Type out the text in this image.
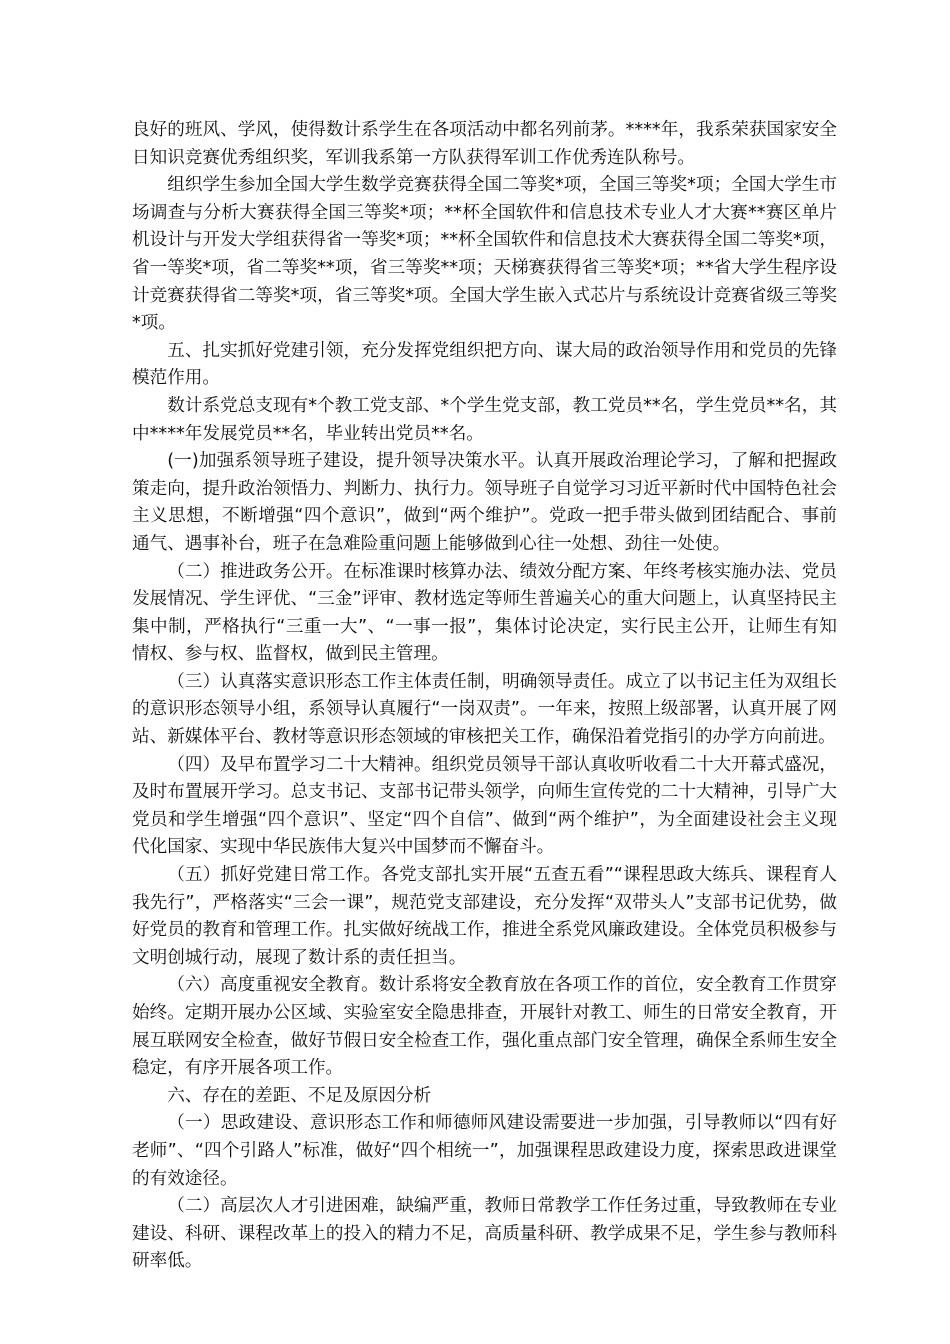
良好的班风、学风，使得数计系学生在各项活动中都名列前茅。****年，我系荣获国家安全日知识竞赛优秀组织奖，军训我系第一方队获得军训工作优秀连队称号。

组织学生参加全国大学生数学竞赛获得全国二等奖*项，全国三等奖*项；全国大学生市场调查与分析大赛获得全国三等奖*项；**杯全国软件和信息技术专业人才大赛**赛区单片机设计与开发大学组获得省一等奖*项；**杯全国软件和信息技术大赛获得全国二等奖*项，省一等奖*项，省二等奖**项，省三等奖**项；天梯赛获得省三等奖*项；**省大学生程序设计竞赛获得省二等奖*项，省三等奖*项。全国大学生嵌入式芯片与系统设计竞赛省级三等奖*项。

五、扎实抓好党建引领，充分发挥党组织把方向、谋大局的政治领导作用和党员的先锋模范作用。

数计系党总支现有*个教工党支部、*个学生党支部，教工党员**名，学生党员**名，其中****年发展党员**名，毕业转出党员**名。

(一)加强系领导班子建设，提升领导决策水平。认真开展政治理论学习，了解和把握政策走向，提升政治领悟力、判断力、执行力。领导班子自觉学习习近平新时代中国特色社会主义思想，不断增强“四个意识”，做到“两个维护”。党政一把手带头做到团结配合、事前通气、遇事补台，班子在急难险重问题上能够做到心往一处想、劲往一处使。

（二）推进政务公开。在标准课时核算办法、绩效分配方案、年终考核实施办法、党员发展情况、学生评优、“三金”评审、教材选定等师生普遍关心的重大问题上，认真坚持民主集中制，严格执行“三重一大”、“一事一报”，集体讨论决定，实行民主公开，让师生有知情权、参与权、监督权，做到民主管理。

（三）认真落实意识形态工作主体责任制，明确领导责任。成立了以书记主任为双组长的意识形态领导小组，系领导认真履行“一岗双责”。一年来，按照上级部署，认真开展了网站、新媒体平台、教材等意识形态领域的审核把关工作，确保沿着党指引的办学方向前进。

（四）及早布置学习二十大精神。组织党员领导干部认真收听收看二十大开幕式盛况，及时布置展开学习。总支书记、支部书记带头领学，向师生宣传党的二十大精神，引导广大党员和学生增强“四个意识”、坚定“四个自信”、做到“两个维护”，为全面建设社会主义现代化国家、实现中华民族伟大复兴中国梦而不懈奋斗。

（五）抓好党建日常工作。各党支部扎实开展“五查五看”“课程思政大练兵、课程育人我先行”，严格落实“三会一课”，规范党支部建设，充分发挥“双带头人”支部书记优势，做好党员的教育和管理工作。扎实做好统战工作，推进全系党风廉政建设。全体党员积极参与文明创城行动，展现了数计系的责任担当。

（六）高度重视安全教育。数计系将安全教育放在各项工作的首位，安全教育工作贯穿始终。定期开展办公区域、实验室安全隐患排查，开展针对教工、师生的日常安全教育，开展互联网安全检查，做好节假日安全检查工作，强化重点部门安全管理，确保全系师生安全稳定，有序开展各项工作。

六、存在的差距、不足及原因分析

（一）思政建设、意识形态工作和师德师风建设需要进一步加强，引导教师以“四有好老师”、“四个引路人”标准，做好“四个相统一”，加强课程思政建设力度，探索思政进课堂的有效途径。

（二）高层次人才引进困难，缺编严重，教师日常教学工作任务过重，导致教师在专业建设、科研、课程改革上的投入的精力不足，高质量科研、教学成果不足，学生参与教师科研率低。
